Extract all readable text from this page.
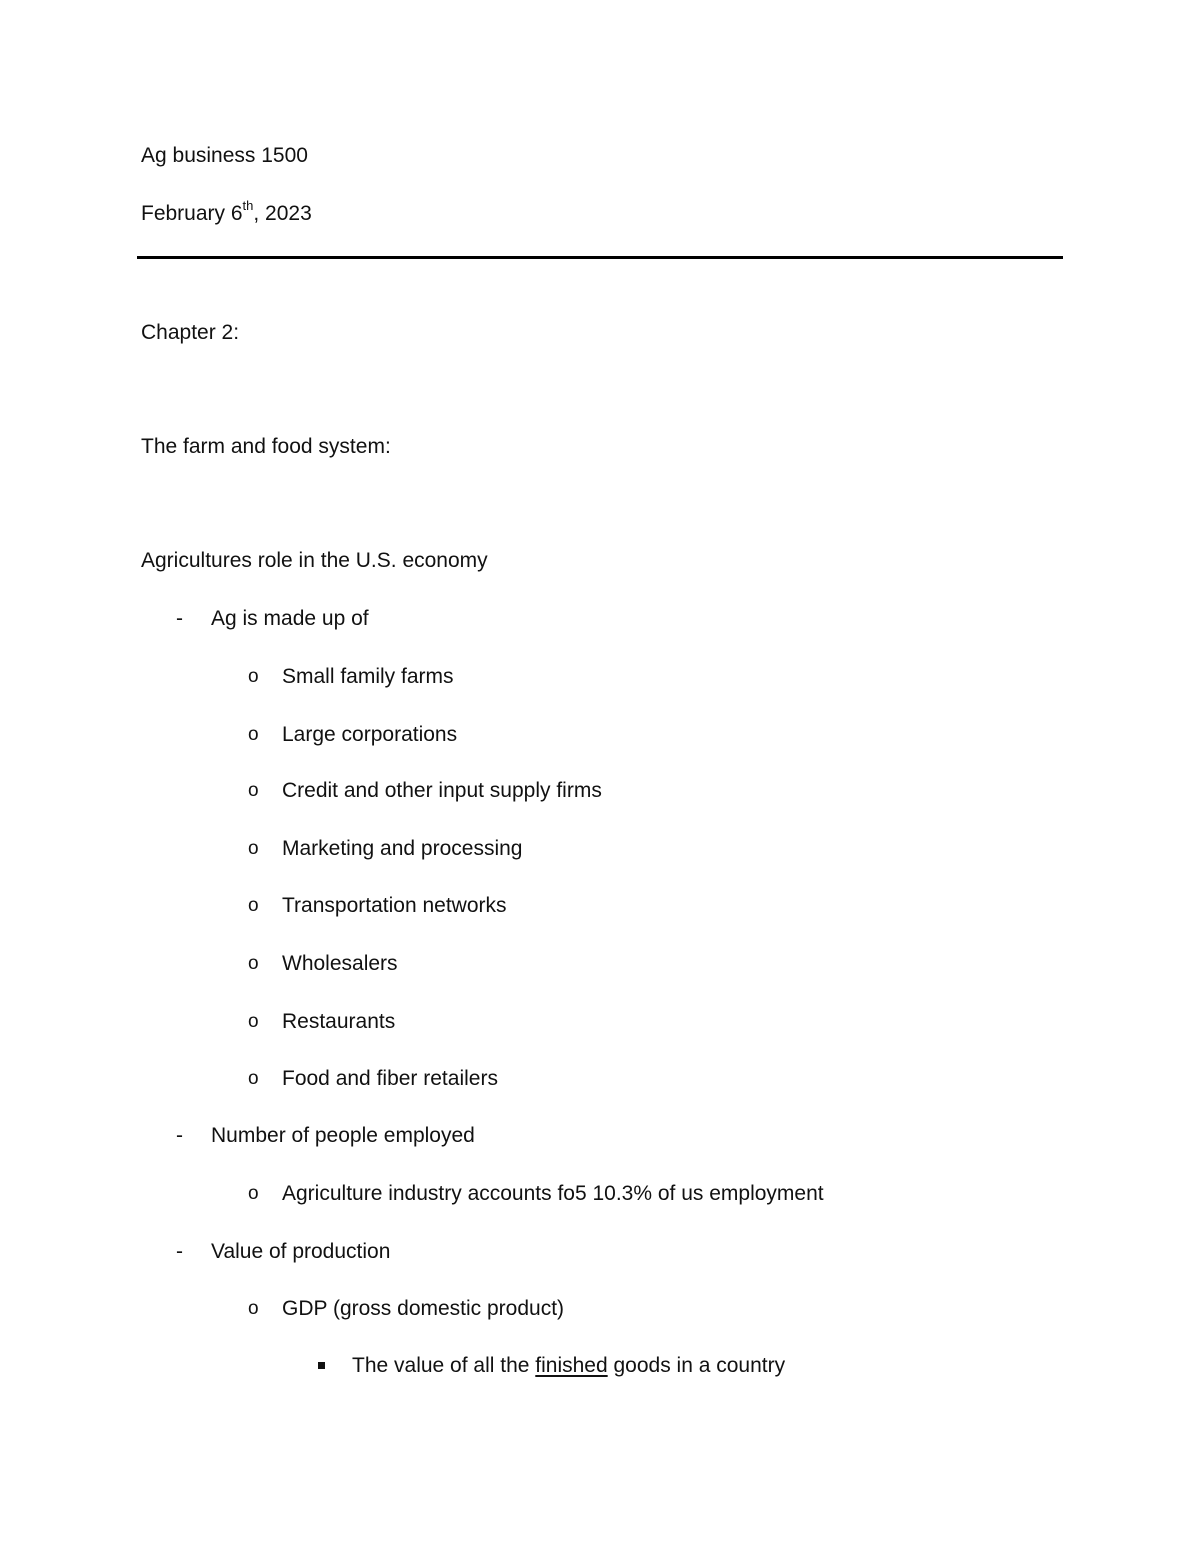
Ag business 1500
February 6th, 2023
Chapter 2:
The farm and food system:
Agricultures role in the U.S. economy
-	Ag is made up of
o Small family farms
o Large corporations
o Credit and other input supply firms
o Marketing and processing
o Transportation networks
o Wholesalers
o Restaurants
o Food and fiber retailers
-	Number of people employed
o Agriculture industry accounts fo5 10.3% of us employment
-	Value of production
o GDP (gross domestic product)
The value of all the finished goods in a country
